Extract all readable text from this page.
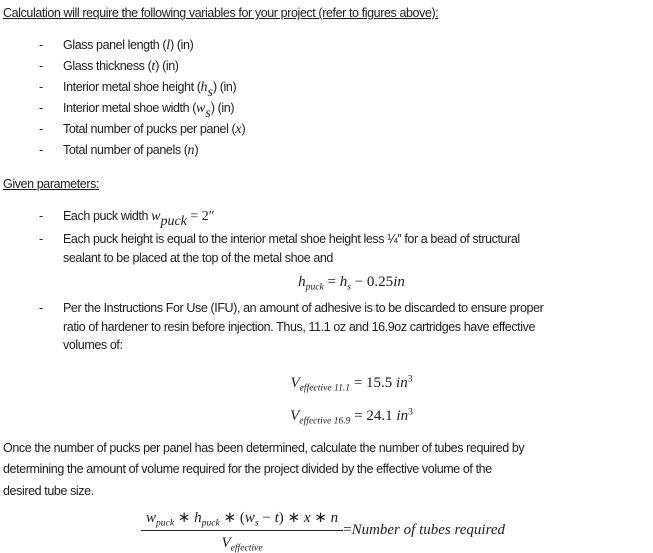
Calculation will require the following variables for your project (refer to figures above):
-	Glass panel length (l) (in)
-	Glass thickness (t) (in)
-	Interior metal shoe height (hs) (in)
-	Interior metal shoe width (ws) (in)
-	Total number of pucks per panel (x)
-	Total number of panels (n)
Given parameters:
-	Each puck width wpuck = 2″
-	Each puck height is equal to the interior metal shoe height less ¼″ for a bead of structural
sealant to be placed at the top of the metal shoe and
$h_{puck} = h_s - 0.25in$
-	Per the Instructions For Use (IFU), an amount of adhesive is to be discarded to ensure proper
ratio of hardener to resin before injection. Thus, 11.1 oz and 16.9oz cartridges have effective
volumes of:
$V_{effective 11.1} = 15.5$ $in^3$
$V_{effective 16.9} = 24.1$ $in^3$
Once the number of pucks per panel has been determined, calculate the number of tubes required by
determining the amount of volume required for the project divided by the effective volume of the
desired tube size.
$\frac{w_{puck} ∗ h_{puck} ∗ (w_s - t) ∗ x ∗ n}{V_{effective}}$ = Number of tubes required
